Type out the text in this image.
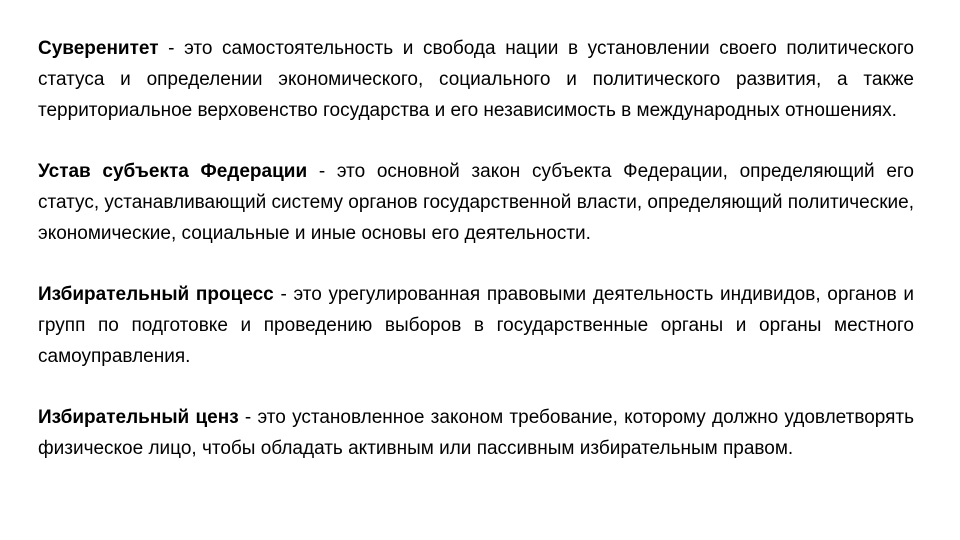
Суверенитет - это самостоятельность и свобода нации в установлении своего политического статуса и определении экономического, социального и политического развития, а также территориальное верховенство государства и его независимость в международных отношениях.

Устав субъекта Федерации - это основной закон субъекта Федерации, определяющий его статус, устанавливающий систему органов государственной власти, определяющий политические, экономические, социальные и иные основы его деятельности.

Избирательный процесс - это урегулированная правовыми деятельность индивидов, органов и групп по подготовке и проведению выборов в государственные органы и органы местного самоуправления.

Избирательный ценз - это установленное законом требование, которому должно удовлетворять физическое лицо, чтобы обладать активным или пассивным избирательным правом.
